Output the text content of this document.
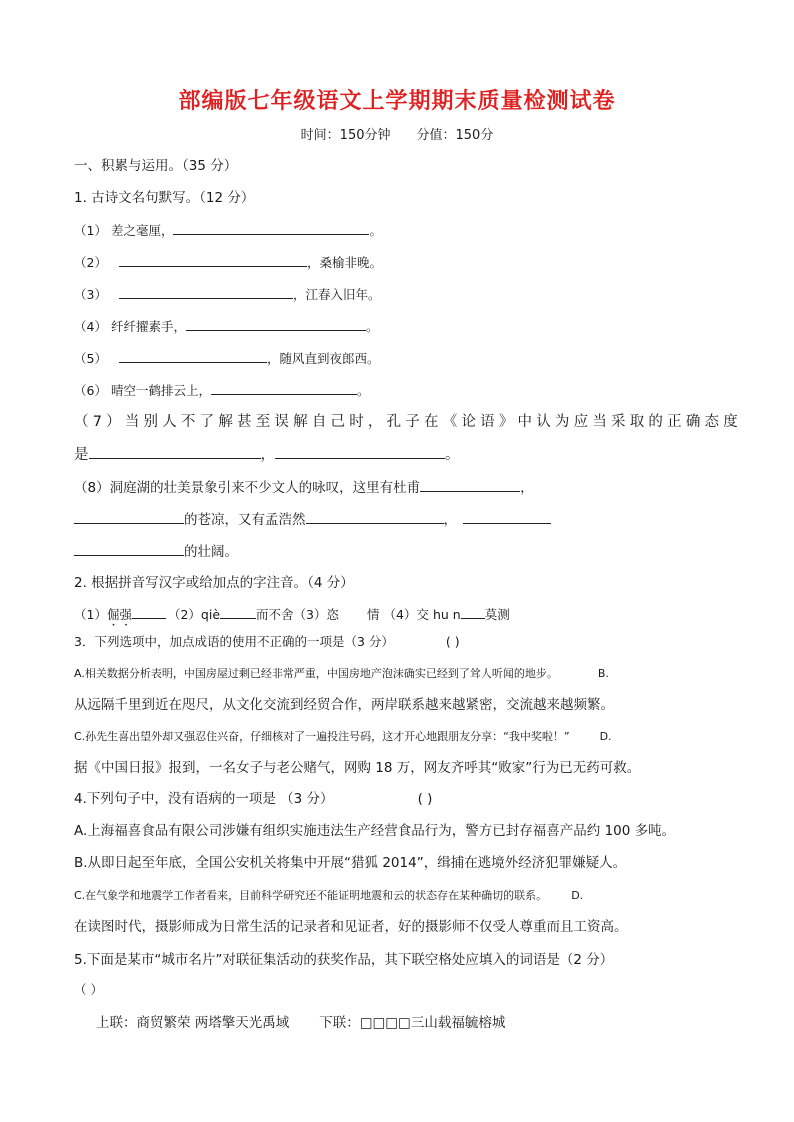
部编版七年级语文上学期期末质量检测试卷
时间：150分钟 分值：150分
一、积累与运用。（35 分）
1. 古诗文名句默写。（12 分）
（1） 差之毫厘，	。
（2）	，桑榆非晚。
（3）	，江春入旧年。
（4） 纤纤擢素手，	。
（5）	，随风直到夜郎西。
（6） 晴空一鹤排云上，	。
（7）当别人不了解甚至误解自己时，孔子在《论语》中认为应当采取的正确态度
是	，	。
（8）洞庭湖的壮美景象引来不少文人的咏叹，这里有杜甫	，
的苍凉，又有孟浩然	，
的壮阔。
2. 根据拼音写汉字或给加点的字注音。（4 分）
（1）倔强	（2）qiè	而不舍（3）恣 情 （4）交 hu n 莫测
3．下列选项中，加点成语的使用不正确的一项是（3 分）	( )
A.相关数据分析表明，中国房屋过剩已经非常严重，中国房地产泡沫确实已经到了耸人听闻的地步。	B.
从远隔千里到近在咫尺，从文化交流到经贸合作，两岸联系越来越紧密，交流越来越频繁。
C.孙先生喜出望外却又强忍住兴奋，仔细核对了一遍投注号码，这才开心地跟朋友分享：“我中奖啦！”	D.
据《中国日报》报到，一名女子与老公赌气，网购 18 万，网友齐呼其“败家”行为已无药可救。
4.下列句子中，没有语病的一项是 （3 分）	( )
A.上海福喜食品有限公司涉嫌有组织实施违法生产经营食品行为，警方已封存福喜产品约 100 多吨。
B.从即日起至年底，全国公安机关将集中开展“猎狐 2014”，缉捕在逃境外经济犯罪嫌疑人。
C.在气象学和地震学工作者看来，目前科学研究还不能证明地震和云的状态存在某种确切的联系。 D.
在读图时代，摄影师成为日常生活的记录者和见证者，好的摄影师不仅受人尊重而且工资高。
5.下面是某市“城市名片”对联征集活动的获奖作品，其下联空格处应填入的词语是（2 分）
（ ）
上联：商贸繁荣 两塔擎天光禹域 下联：□□□□三山载福毓榕城
